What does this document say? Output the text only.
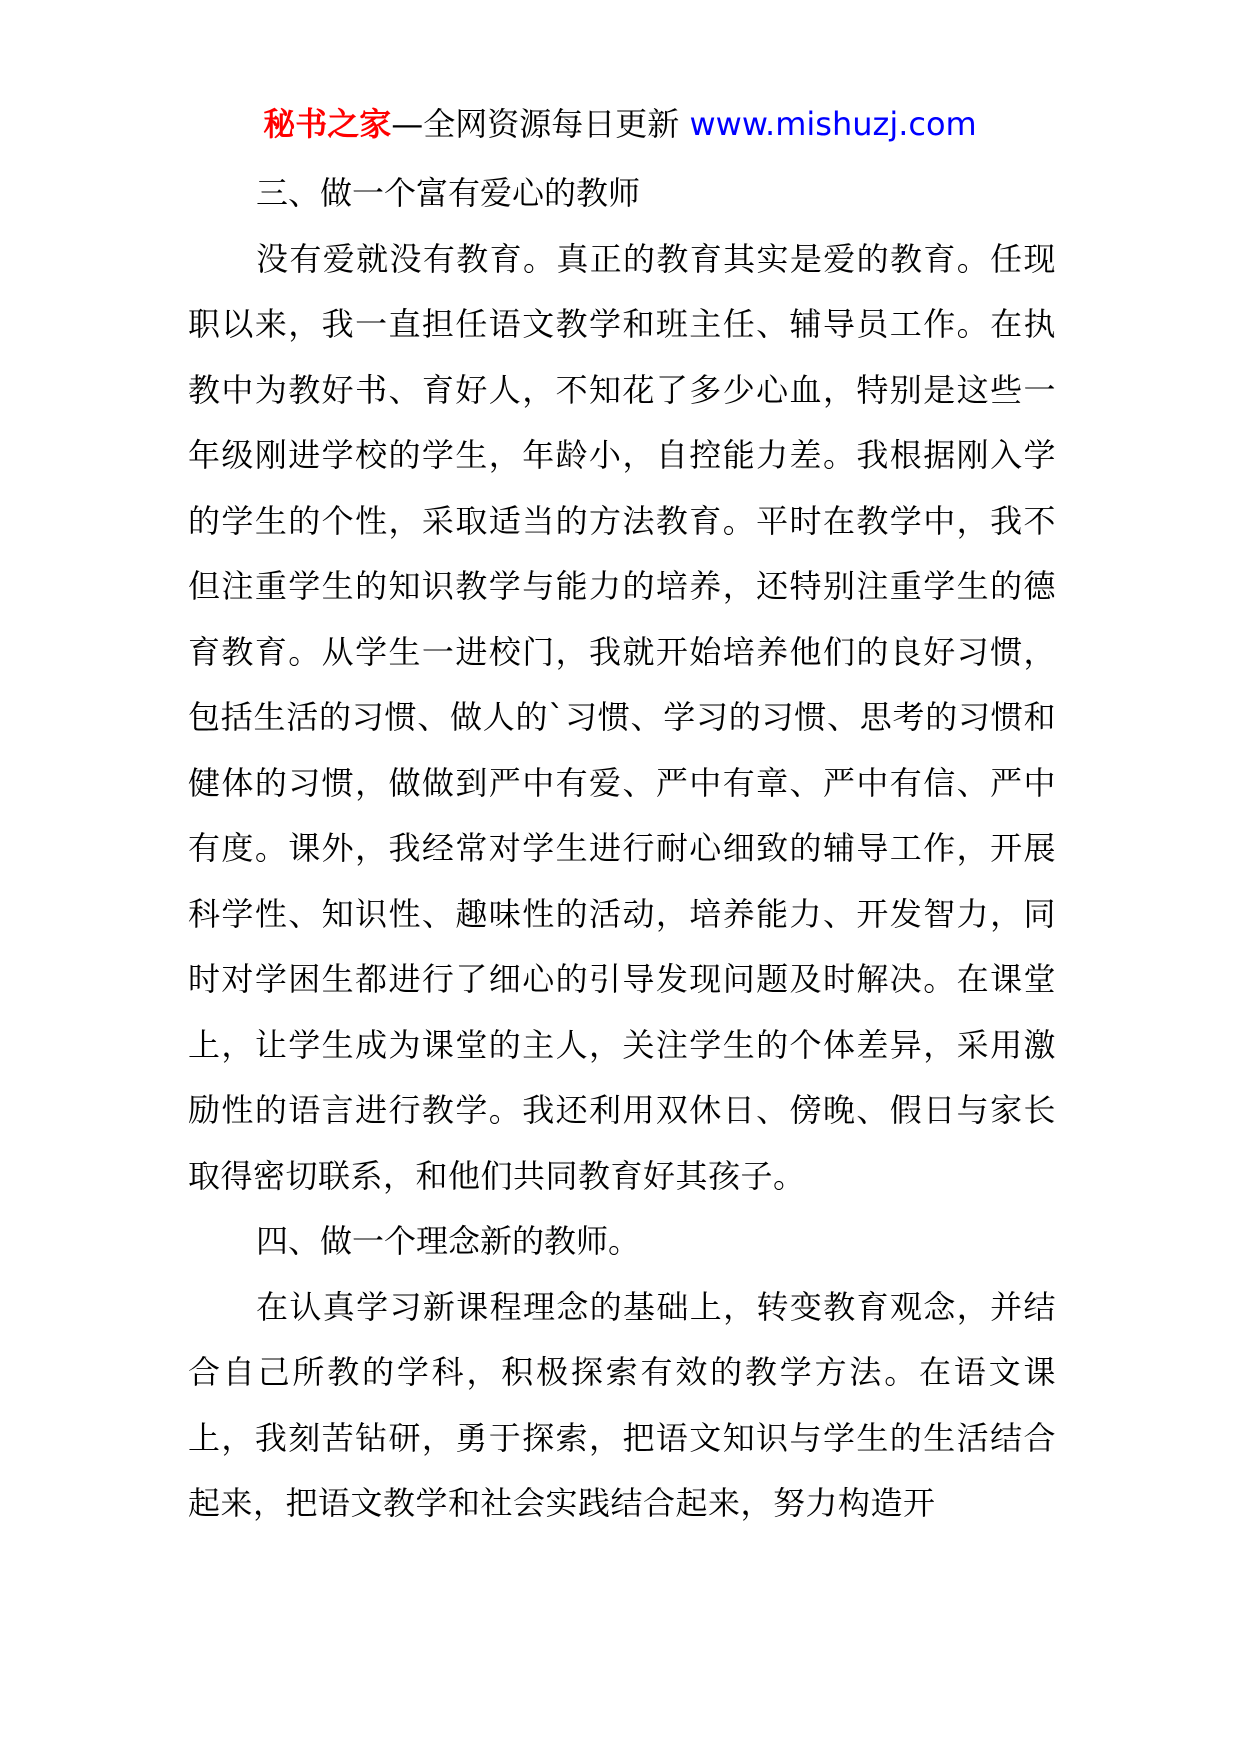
秘书之家—全网资源每日更新 www.mishuzj.com

三、做一个富有爱心的教师

没有爱就没有教育。真正的教育其实是爱的教育。任现职以来，我一直担任语文教学和班主任、辅导员工作。在执教中为教好书、育好人，不知花了多少心血，特别是这些一年级刚进学校的学生，年龄小，自控能力差。我根据刚入学的学生的个性，采取适当的方法教育。平时在教学中，我不但注重学生的知识教学与能力的培养，还特别注重学生的德育教育。从学生一进校门，我就开始培养他们的良好习惯，包括生活的习惯、做人的`习惯、学习的习惯、思考的习惯和健体的习惯，做做到严中有爱、严中有章、严中有信、严中有度。课外，我经常对学生进行耐心细致的辅导工作，开展科学性、知识性、趣味性的活动，培养能力、开发智力，同时对学困生都进行了细心的引导发现问题及时解决。在课堂上，让学生成为课堂的主人，关注学生的个体差异，采用激励性的语言进行教学。我还利用双休日、傍晚、假日与家长取得密切联系，和他们共同教育好其孩子。

四、做一个理念新的教师。

在认真学习新课程理念的基础上，转变教育观念，并结合自己所教的学科，积极探索有效的教学方法。在语文课上，我刻苦钻研，勇于探索，把语文知识与学生的生活结合起来，把语文教学和社会实践结合起来，努力构造开
